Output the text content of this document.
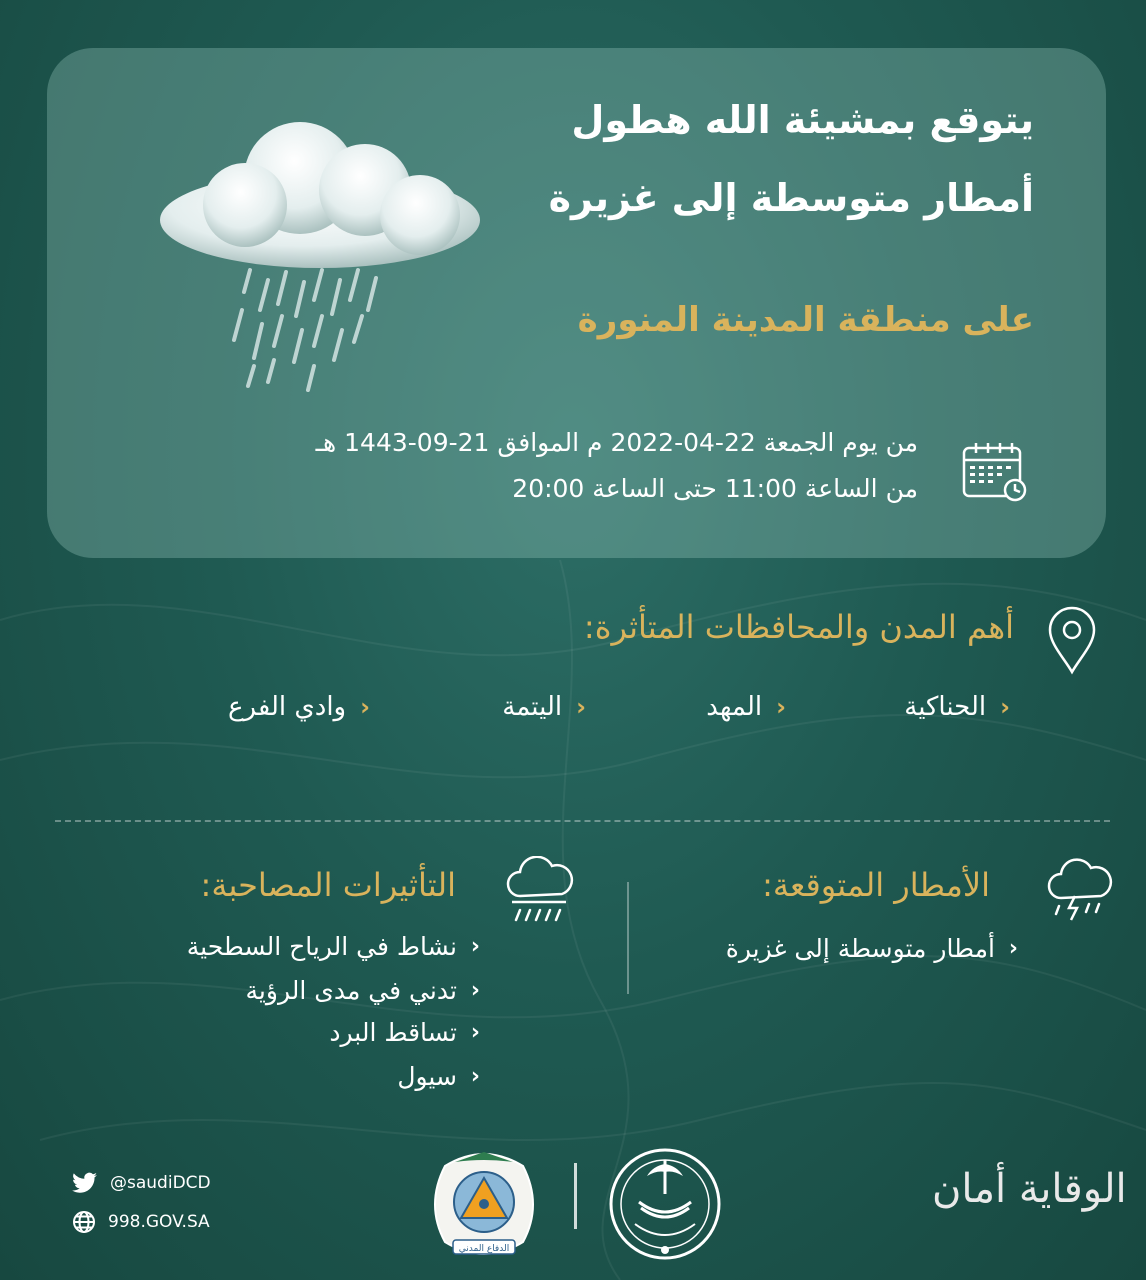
يتوقع بمشيئة الله هطول
أمطار متوسطة إلى غزيرة
على منطقة المدينة المنورة
من يوم الجمعة 22-04-2022 م الموافق 21-09-1443 هـ
من الساعة 11:00 حتى الساعة 20:00
أهم المدن والمحافظات المتأثرة:
‹
الحناكية
‹
المهد
‹
اليتمة
‹
وادي الفرع
الأمطار المتوقعة:
‹
أمطار متوسطة إلى غزيرة
التأثيرات المصاحبة:
‹
نشاط في الرياح السطحية
‹
تدني في مدى الرؤية
‹
تساقط البرد
‹
سيول
@saudiDCD
998.GOV.SA
الدفاع المدني
الوقاية أمان
